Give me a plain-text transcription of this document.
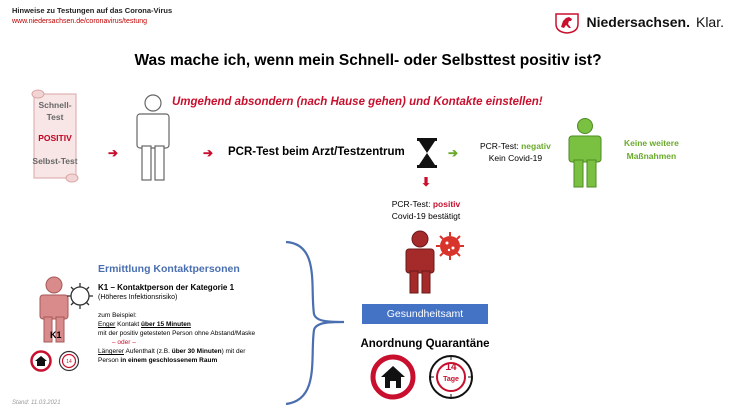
Hinweise zu Testungen auf das Corona-Virus
www.niedersachsen.de/coronavirus/testung	Niedersachsen. Klar.
Was mache ich, wenn mein Schnell- oder Selbsttest positiv ist?
Schnell-
Test
POSITIV
Selbst-Test
➔
Umgehend absondern (nach Hause gehen) und Kontakte einstellen!
➔ PCR-Test beim Arzt/Testzentrum	➔	PCR-Test: negativ
Kein Covid-19
Keine weitere
Maßnahmen
⬇
PCR-Test: positiv
Covid-19 bestätigt
Gesundheitsamt
Ermittlung Kontaktpersonen
K1 – Kontaktperson der Kategorie 1
(Höheres Infektionsrisiko)
zum Beispiel:
Enger Kontakt über 15 Minuten
mit der positiv getesteten Person ohne Abstand/Maske
– oder –
Längerer Aufenthalt (z.B. über 30 Minuten) mit der
Person in einem geschlossenem Raum
K1
14
Anordnung Quarantäne
14
Tage
Stand: 11.03.2021
